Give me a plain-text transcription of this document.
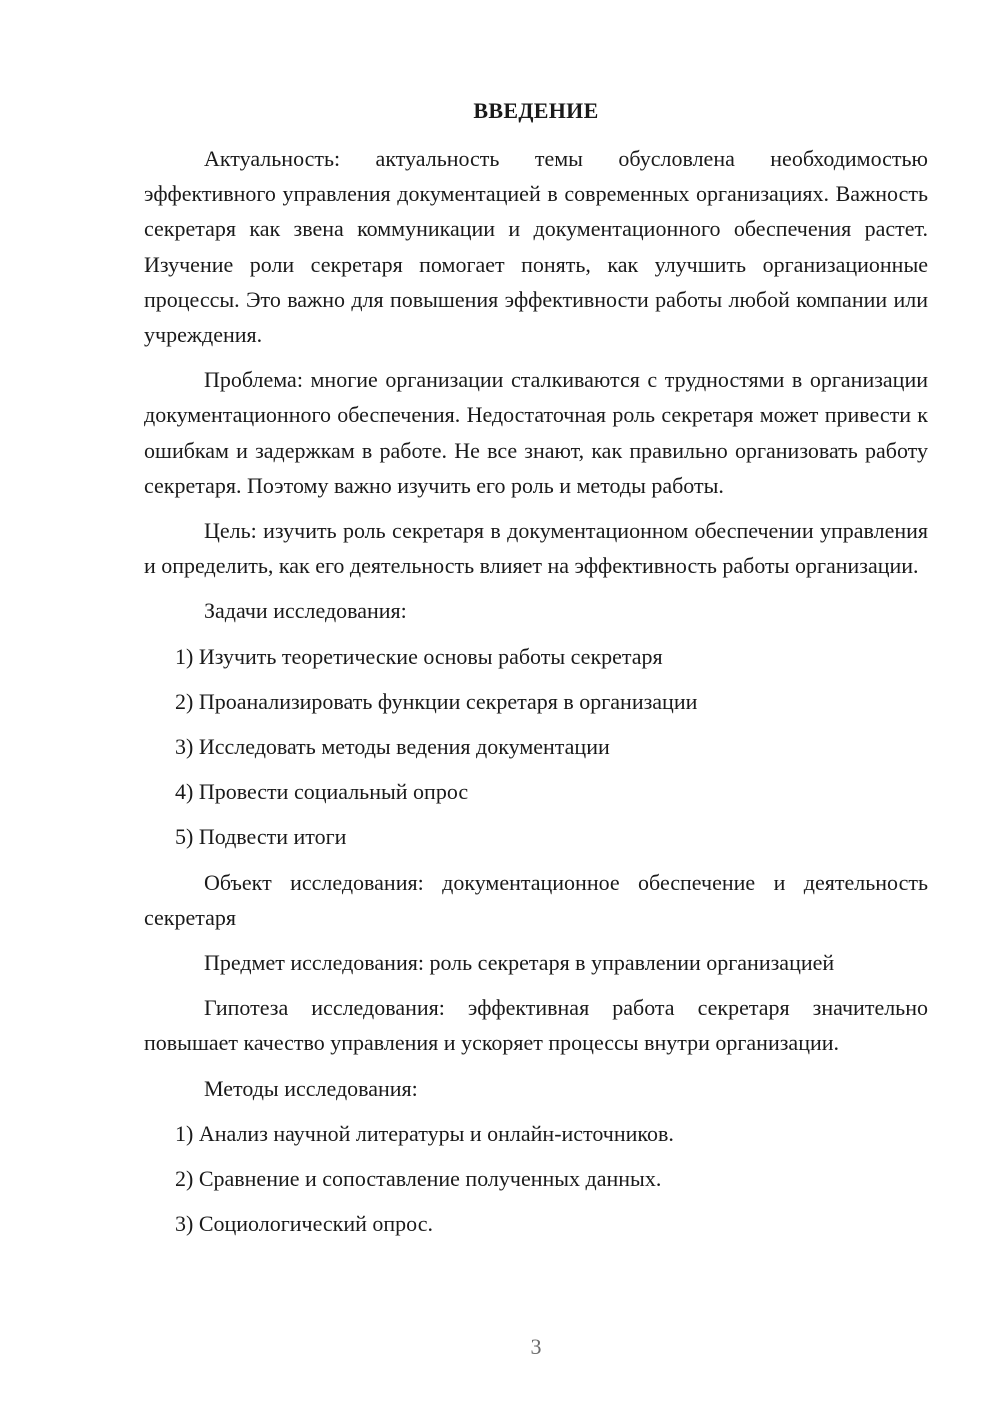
ВВЕДЕНИЕ

Актуальность: актуальность темы обусловлена необходимостью эффективного управления документацией в современных организациях. Важность секретаря как звена коммуникации и документационного обеспечения растет. Изучение роли секретаря помогает понять, как улучшить организационные процессы. Это важно для повышения эффективности работы любой компании или учреждения.

Проблема: многие организации сталкиваются с трудностями в организации документационного обеспечения. Недостаточная роль секретаря может привести к ошибкам и задержкам в работе. Не все знают, как правильно организовать работу секретаря. Поэтому важно изучить его роль и методы работы.

Цель: изучить роль секретаря в документационном обеспечении управления и определить, как его деятельность влияет на эффективность работы организации.

Задачи исследования:

1) Изучить теоретические основы работы секретаря

2) Проанализировать функции секретаря в организации

3) Исследовать методы ведения документации

4) Провести социальный опрос

5) Подвести итоги

Объект исследования: документационное обеспечение и деятельность секретаря

Предмет исследования: роль секретаря в управлении организацией

Гипотеза исследования: эффективная работа секретаря значительно повышает качество управления и ускоряет процессы внутри организации.

Методы исследования:

1) Анализ научной литературы и онлайн-источников.

2) Сравнение и сопоставление полученных данных.

3) Социологический опрос.

3
